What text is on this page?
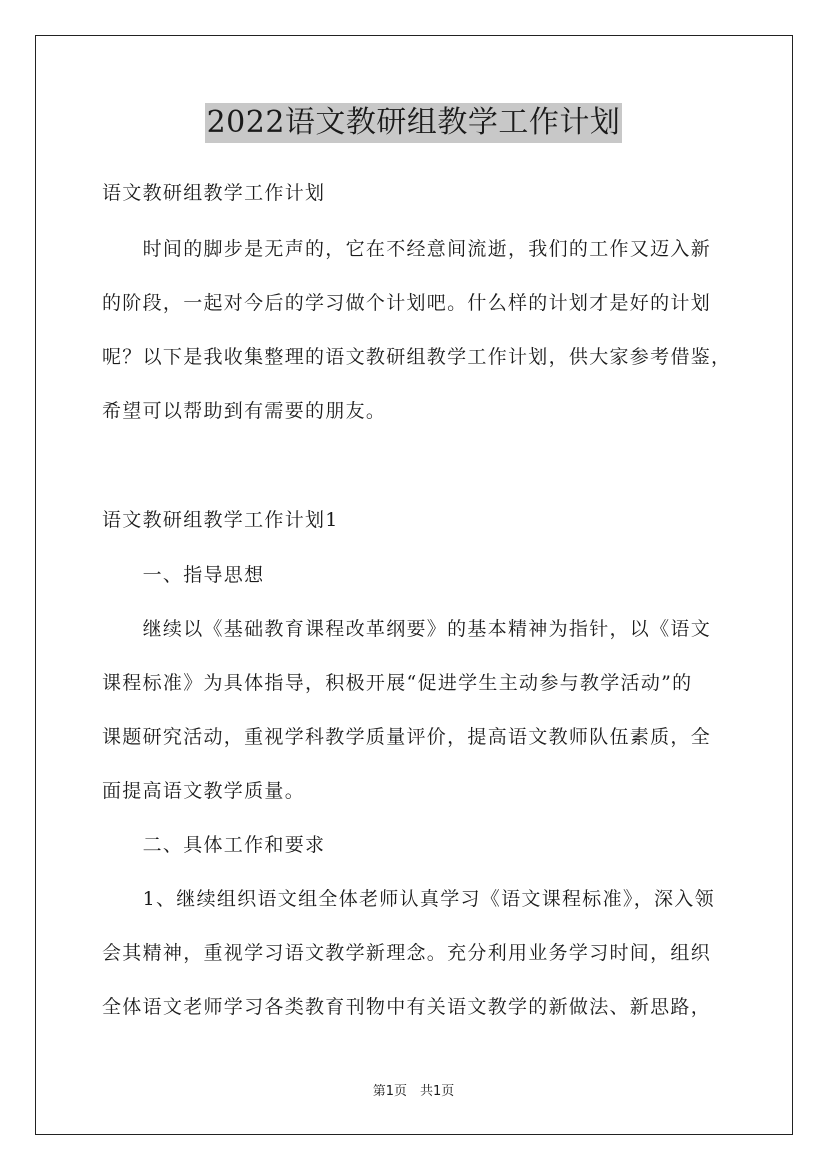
2022语文教研组教学工作计划
语文教研组教学工作计划
　　时间的脚步是无声的，它在不经意间流逝，我们的工作又迈入新
的阶段，一起对今后的学习做个计划吧。什么样的计划才是好的计划
呢？以下是我收集整理的语文教研组教学工作计划，供大家参考借鉴，
希望可以帮助到有需要的朋友。
语文教研组教学工作计划1
　　一、指导思想
　　继续以《基础教育课程改革纲要》的基本精神为指针，以《语文
课程标准》为具体指导，积极开展“促进学生主动参与教学活动”的
课题研究活动，重视学科教学质量评价，提高语文教师队伍素质，全
面提高语文教学质量。
　　二、具体工作和要求
　　1、继续组织语文组全体老师认真学习《语文课程标准》，深入领
会其精神，重视学习语文教学新理念。充分利用业务学习时间，组织
全体语文老师学习各类教育刊物中有关语文教学的新做法、新思路，
第1页　共1页
